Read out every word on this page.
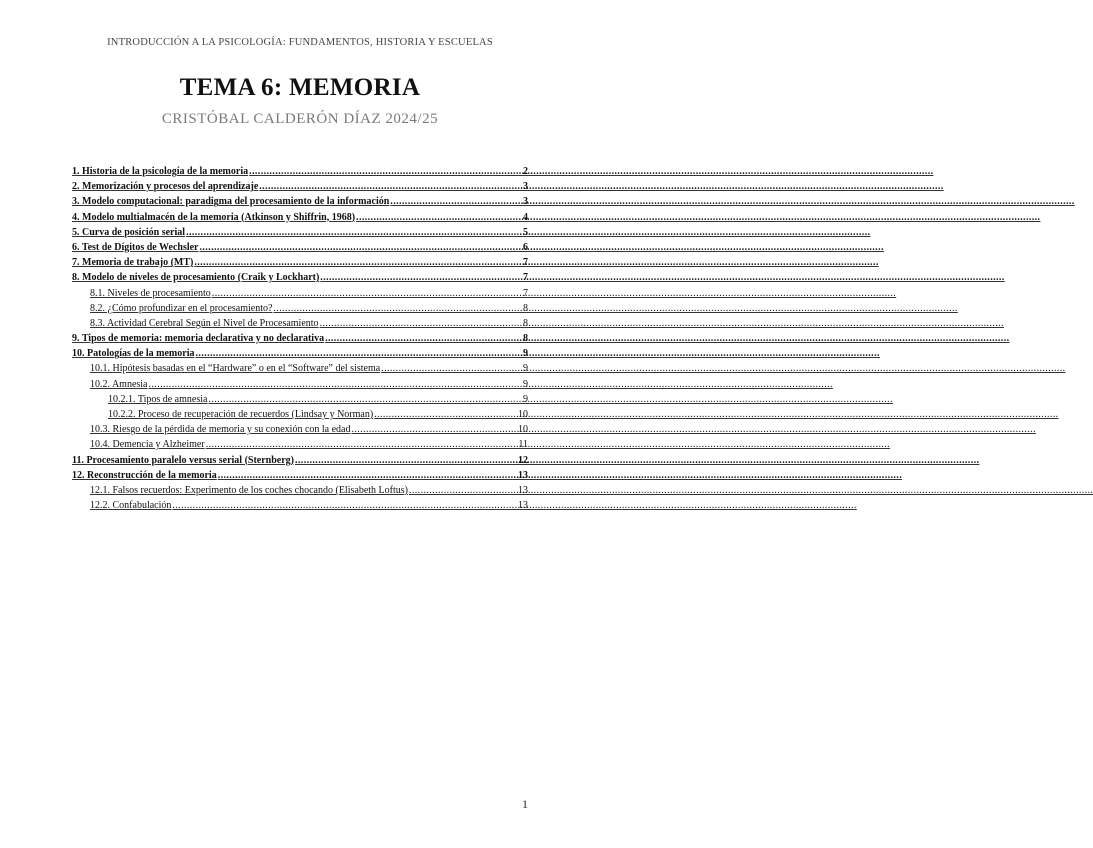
INTRODUCCIÓN A LA PSICOLOGÍA: FUNDAMENTOS, HISTORIA Y ESCUELAS
TEMA 6: MEMORIA
CRISTÓBAL CALDERÓN DÍAZ 2024/25
1. Historia de la psicología de la memoria .....	2
2. Memorización y procesos del aprendizaje .....	3
3. Modelo computacional: paradigma del procesamiento de la información .....	3
4. Modelo multialmacén de la memoria (Atkinson y Shiffrin, 1968) .....	4
5. Curva de posición serial .....	5
6. Test de Dígitos de Wechsler .....	6
7. Memoria de trabajo (MT) .....	7
8. Modelo de niveles de procesamiento (Craik y Lockhart) .....	7
8.1. Niveles de procesamiento .....	7
8.2. ¿Cómo profundizar en el procesamiento? .....	8
8.3. Actividad Cerebral Según el Nivel de Procesamiento .....	8
9. Tipos de memoria: memoria declarativa y no declarativa .....	8
10. Patologías de la memoria .....	9
10.1. Hipótesis basadas en el “Hardware” o en el “Software” del sistema .....	9
10.2. Amnesia .....	9
10.2.1. Tipos de amnesia .....	9
10.2.2. Proceso de recuperación de recuerdos (Lindsay y Norman) .....	10
10.3. Riesgo de la pérdida de memoria y su conexión con la edad .....	10
10.4. Demencia y Alzheimer .....	11
11. Procesamiento paralelo versus serial (Sternberg) .....	12
12. Reconstrucción de la memoria .....	13
12.1. Falsos recuerdos: Experimento de los coches chocando (Elisabeth Loftus) .....	13
12.2. Confabulación .....	13
1
